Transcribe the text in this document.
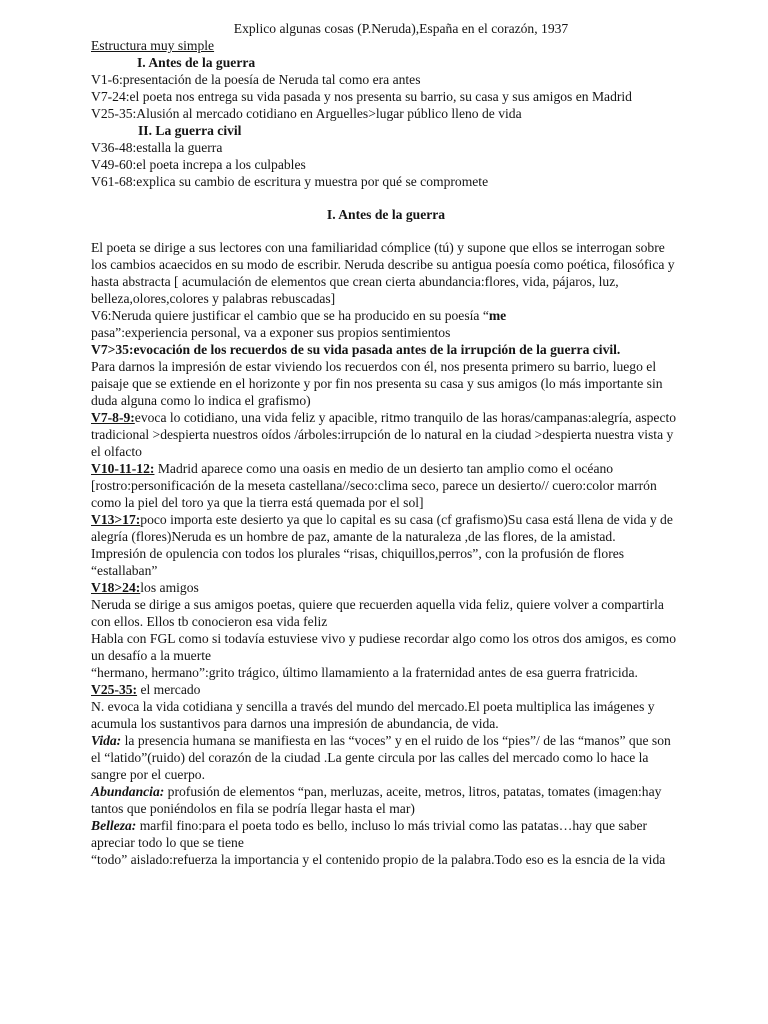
Explico algunas cosas (P.Neruda),España en el corazón, 1937

Estructura muy simple

I. Antes de la guerra

V1-6:presentación de la poesía de Neruda tal como era antes

V7-24:el poeta nos entrega su vida pasada y nos presenta su barrio, su casa y sus amigos en Madrid

V25-35:Alusión al mercado cotidiano en Arguelles>lugar público lleno de vida

II. La guerra civil

V36-48:estalla la guerra

V49-60:el poeta increpa a los culpables

V61-68:explica su cambio de escritura y muestra por qué se compromete

I. Antes de la guerra

El poeta se dirige a sus lectores con una familiaridad cómplice (tú) y supone que ellos se interrogan sobre los cambios acaecidos en su modo de escribir. Neruda describe su antigua poesía como poética, filosófica y hasta abstracta [ acumulación de elementos que crean cierta abundancia:flores, vida, pájaros, luz, belleza,olores,colores y palabras rebuscadas]

V6:Neruda quiere justificar el cambio que se ha producido en su poesía “me
pasa”:experiencia personal, va a exponer sus propios sentimientos

V7>35:evocación de los recuerdos de su vida pasada antes de la irrupción de la guerra civil.

Para darnos la impresión de estar viviendo los recuerdos con él, nos presenta primero su barrio, luego el paisaje que se extiende en el horizonte y por fin nos presenta su casa y sus amigos (lo más importante sin duda alguna como lo indica el grafismo)

V7-8-9:evoca lo cotidiano, una vida feliz y apacible, ritmo tranquilo de las horas/campanas:alegría, aspecto tradicional >despierta nuestros oídos /árboles:irrupción de lo natural en la ciudad >despierta nuestra vista y el olfacto

V10-11-12: Madrid aparece como una oasis en medio de un desierto tan amplio como el océano [rostro:personificación de la meseta castellana//seco:clima seco, parece un desierto// cuero:color marrón como la piel del toro ya que la tierra está quemada por el sol]

V13>17:poco importa este desierto ya que lo capital es su casa (cf grafismo)Su casa está llena de vida y de alegría (flores)Neruda es un hombre de paz, amante de la naturaleza ,de las flores, de la amistad.

Impresión de opulencia con todos los plurales “risas, chiquillos,perros”, con la profusión de flores “estallaban”

V18>24:los amigos

Neruda se dirige a sus amigos poetas, quiere que recuerden aquella vida feliz, quiere volver a compartirla con ellos. Ellos tb conocieron esa vida feliz

Habla con FGL como si todavía estuviese vivo y pudiese recordar algo como los otros dos amigos, es como un desafío a la muerte

“hermano, hermano”:grito trágico, último llamamiento a la fraternidad antes de esa guerra fratricida.

V25-35: el mercado

N. evoca la vida cotidiana y sencilla a través del mundo del mercado.El poeta multiplica las imágenes y acumula los sustantivos para darnos una impresión de abundancia, de vida.

Vida: la presencia humana se manifiesta en las “voces” y en el ruido de los “pies”/ de las “manos” que son el “latido”(ruido) del corazón de la ciudad .La gente circula por las calles del mercado como lo hace la sangre por el cuerpo.

Abundancia: profusión de elementos “pan, merluzas, aceite, metros, litros, patatas, tomates (imagen:hay tantos que poniéndolos en fila se podría llegar hasta el mar)

Belleza: marfil fino:para el poeta todo es bello, incluso lo más trivial como las patatas…hay que saber apreciar todo lo que se tiene

“todo” aislado:refuerza la importancia y el contenido propio de la palabra.Todo eso es la esncia de la vida
